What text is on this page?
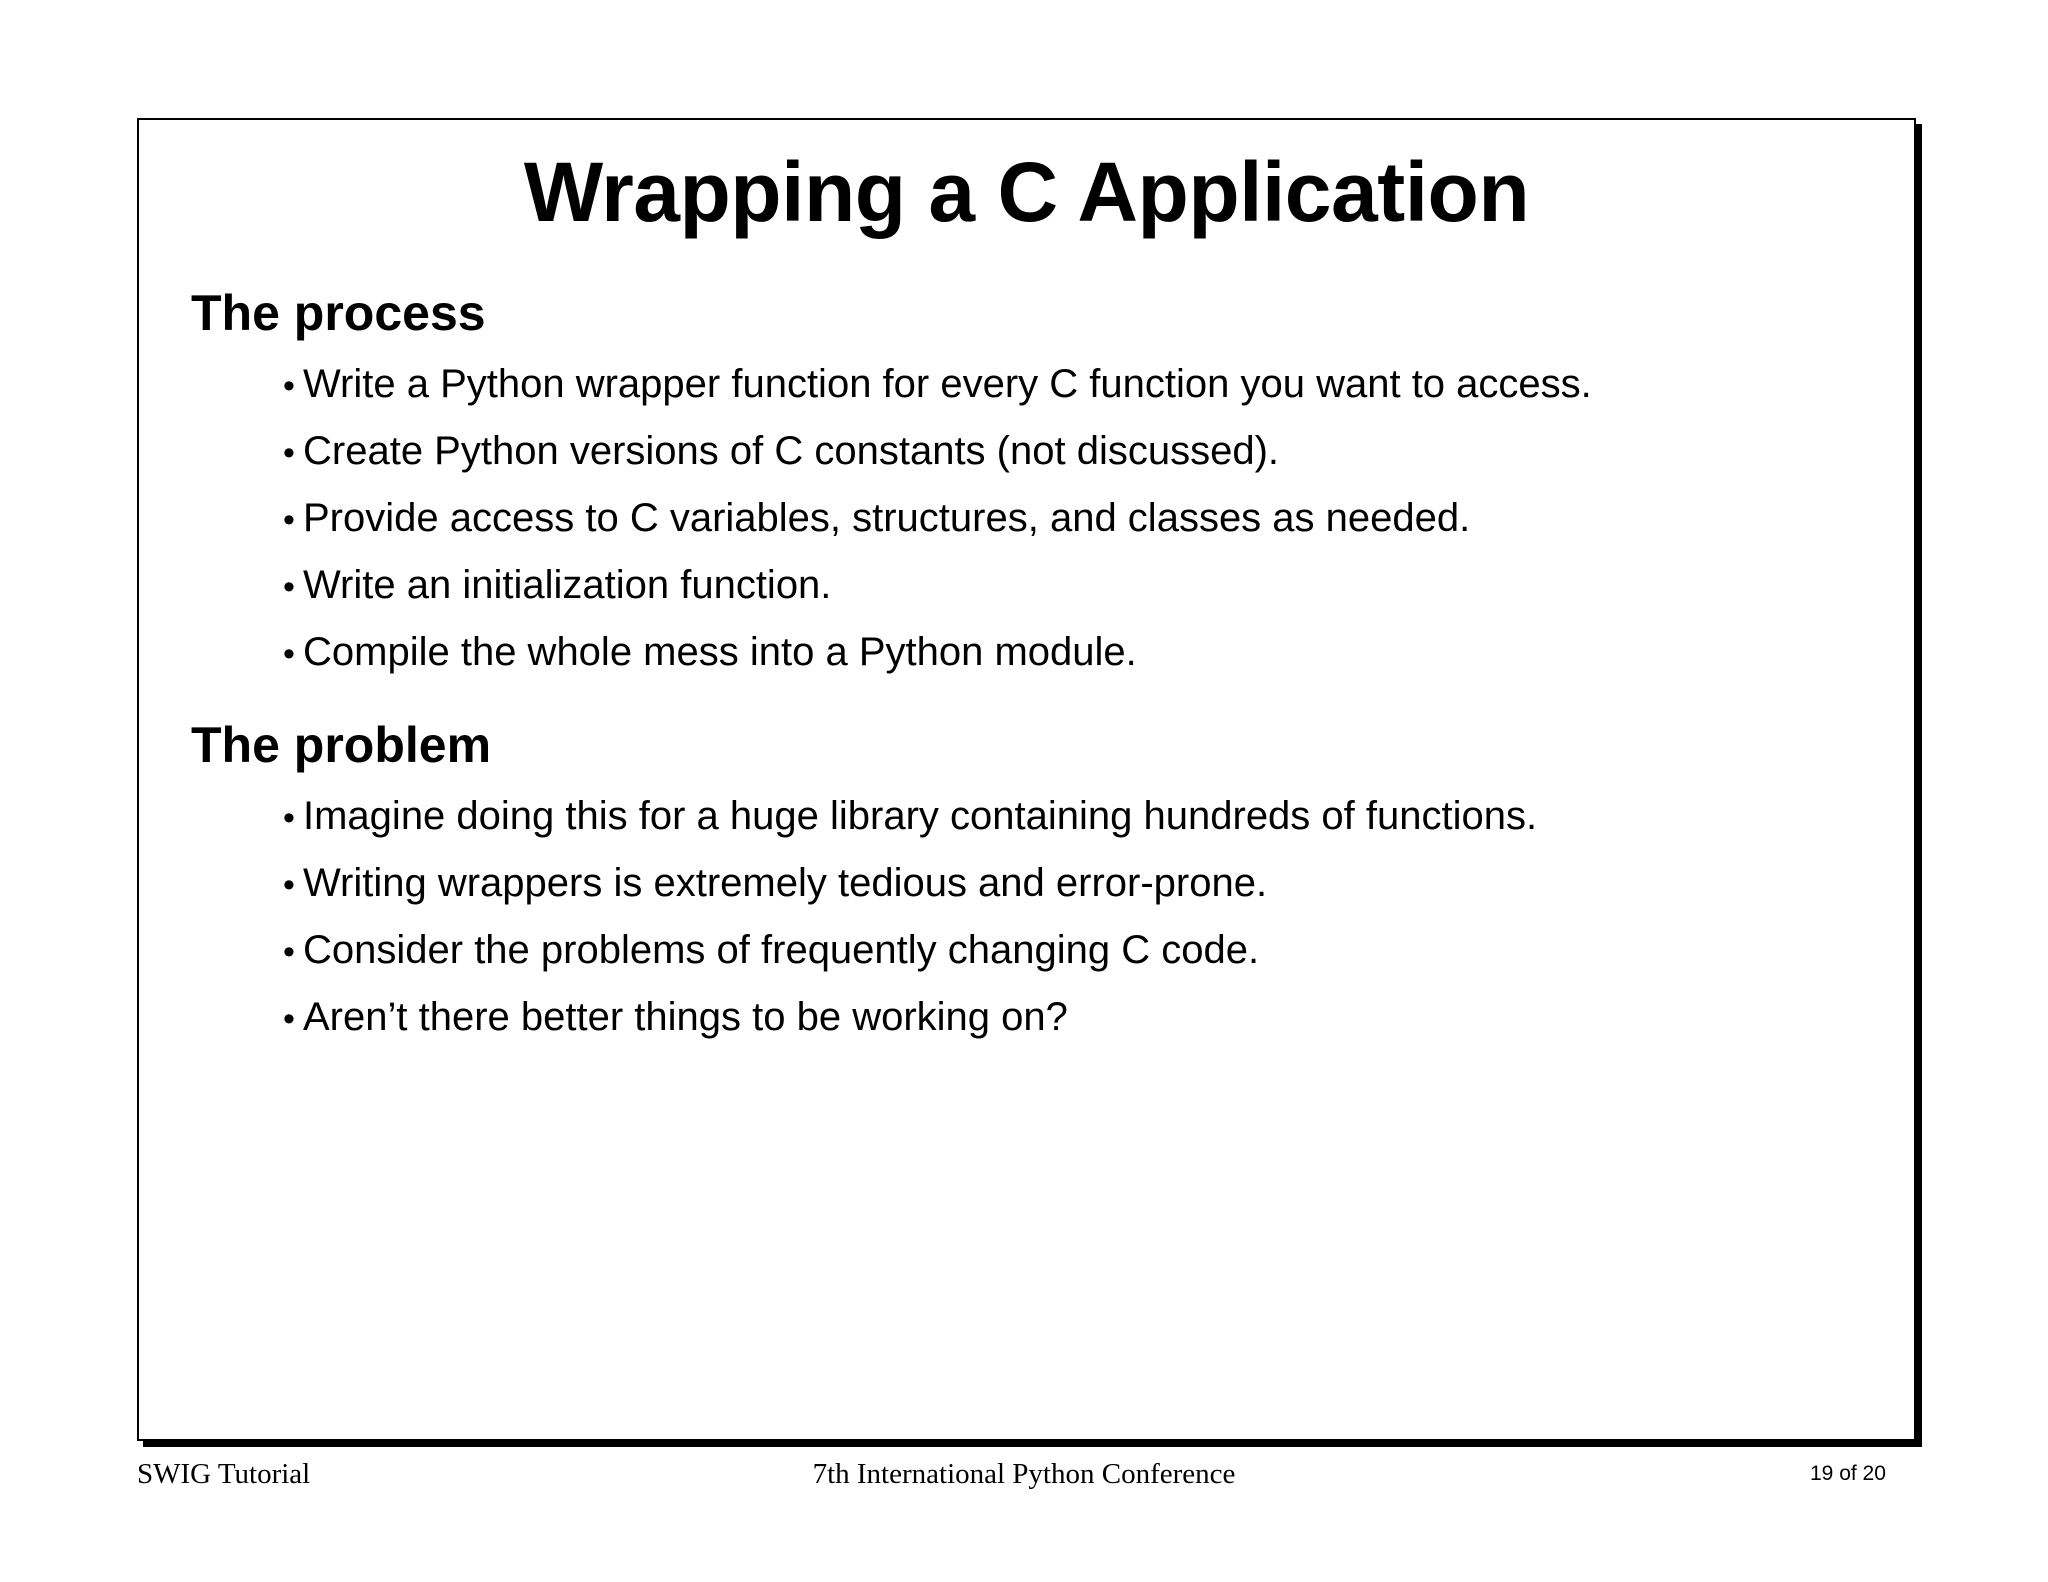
Wrapping a C Application
The process
• Write a Python wrapper function for every C function you want to access.
• Create Python versions of C constants (not discussed).
• Provide access to C variables, structures, and classes as needed.
• Write an initialization function.
• Compile the whole mess into a Python module.
The problem
• Imagine doing this for a huge library containing hundreds of functions.
• Writing wrappers is extremely tedious and error-prone.
• Consider the problems of frequently changing C code.
• Aren’t there better things to be working on?
SWIG Tutorial	7th International Python Conference	19 of 20
